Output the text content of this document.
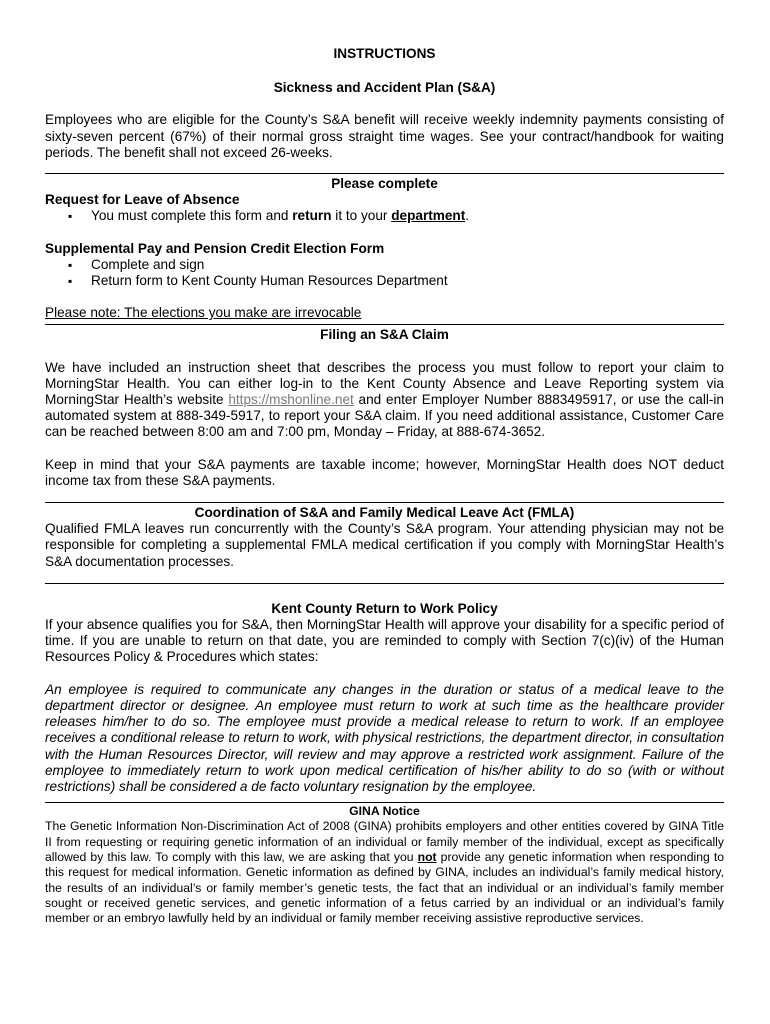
INSTRUCTIONS
Sickness and Accident Plan (S&A)
Employees who are eligible for the County’s S&A benefit will receive weekly indemnity payments consisting of sixty-seven percent (67%) of their normal gross straight time wages. See your contract/handbook for waiting periods. The benefit shall not exceed 26-weeks.
Please complete
Request for Leave of Absence
▪ You must complete this form and return it to your department.
Supplemental Pay and Pension Credit Election Form
▪ Complete and sign
▪ Return form to Kent County Human Resources Department
Please note: The elections you make are irrevocable
Filing an S&A Claim
We have included an instruction sheet that describes the process you must follow to report your claim to MorningStar Health. You can either log-in to the Kent County Absence and Leave Reporting system via MorningStar Health’s website https://mshonline.net and enter Employer Number 8883495917, or use the call-in automated system at 888-349-5917, to report your S&A claim. If you need additional assistance, Customer Care can be reached between 8:00 am and 7:00 pm, Monday – Friday, at 888-674-3652.
Keep in mind that your S&A payments are taxable income; however, MorningStar Health does NOT deduct income tax from these S&A payments.
Coordination of S&A and Family Medical Leave Act (FMLA)
Qualified FMLA leaves run concurrently with the County’s S&A program. Your attending physician may not be responsible for completing a supplemental FMLA medical certification if you comply with MorningStar Health’s S&A documentation processes.
Kent County Return to Work Policy
If your absence qualifies you for S&A, then MorningStar Health will approve your disability for a specific period of time. If you are unable to return on that date, you are reminded to comply with Section 7(c)(iv) of the Human Resources Policy & Procedures which states:
An employee is required to communicate any changes in the duration or status of a medical leave to the department director or designee. An employee must return to work at such time as the healthcare provider releases him/her to do so. The employee must provide a medical release to return to work. If an employee receives a conditional release to return to work, with physical restrictions, the department director, in consultation with the Human Resources Director, will review and may approve a restricted work assignment. Failure of the employee to immediately return to work upon medical certification of his/her ability to do so (with or without restrictions) shall be considered a de facto voluntary resignation by the employee.
GINA Notice
The Genetic Information Non-Discrimination Act of 2008 (GINA) prohibits employers and other entities covered by GINA Title II from requesting or requiring genetic information of an individual or family member of the individual, except as specifically allowed by this law. To comply with this law, we are asking that you not provide any genetic information when responding to this request for medical information. Genetic information as defined by GINA, includes an individual’s family medical history, the results of an individual’s or family member’s genetic tests, the fact that an individual or an individual’s family member sought or received genetic services, and genetic information of a fetus carried by an individual or an individual’s family member or an embryo lawfully held by an individual or family member receiving assistive reproductive services.
